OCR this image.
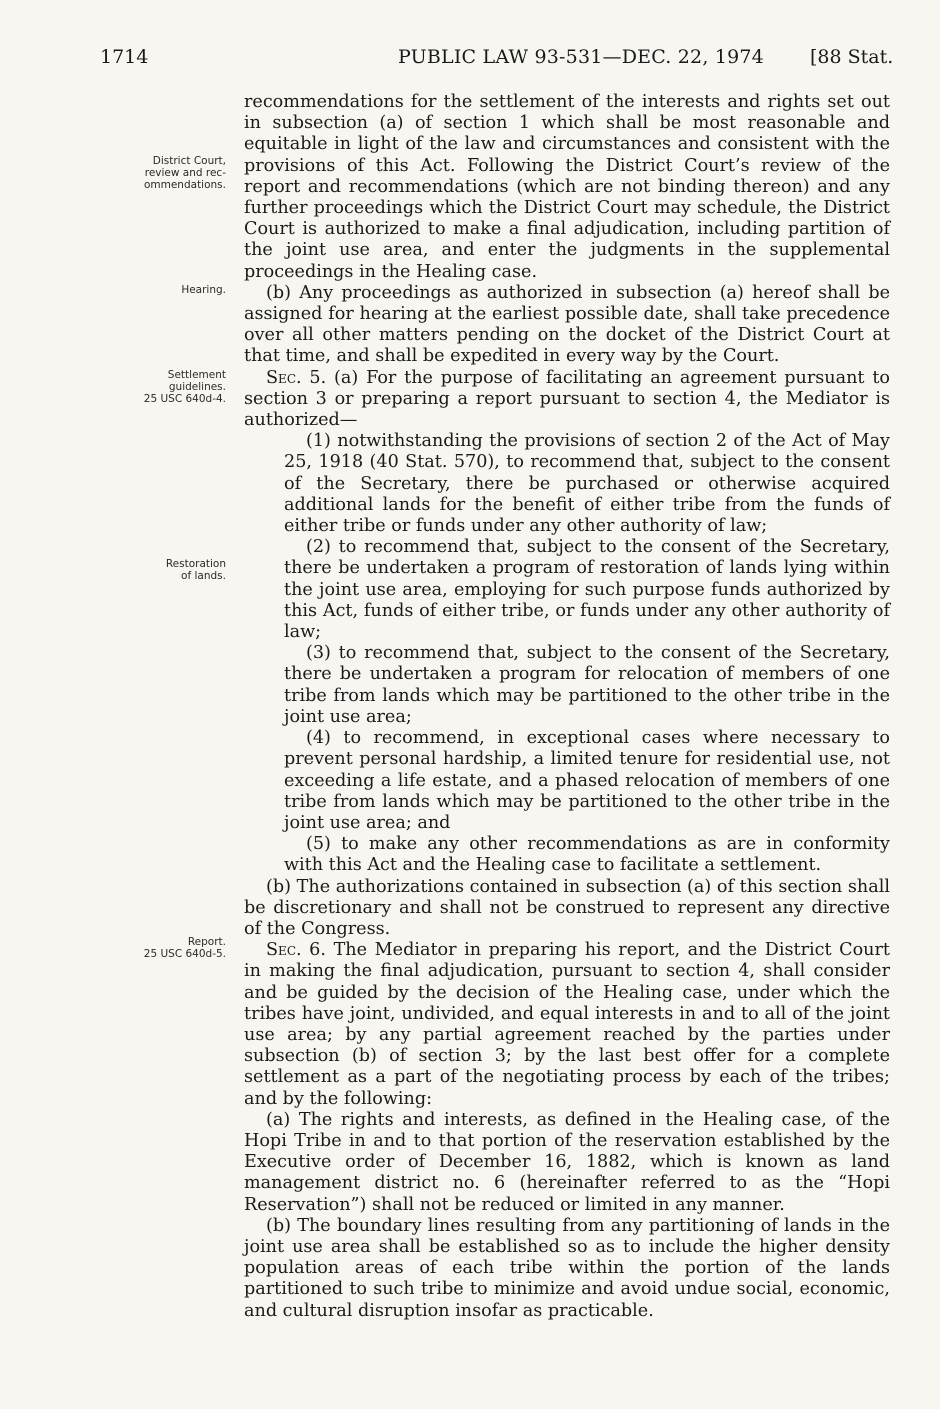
1714	PUBLIC LAW 93-531—DEC. 22, 1974 [88 Stat.
District Court,
review and rec-
ommendations.
Hearing.
Settlement
guidelines.
25 USC 640d-4.
Restoration
of lands.
Report.
25 USC 640d-5.

recommendations for the settlement of the interests and rights set out in subsection (a) of section 1 which shall be most reasonable and equitable in light of the law and circumstances and consistent with the provisions of this Act. Following the District Court’s review of the report and recommendations (which are not binding thereon) and any further proceedings which the District Court may schedule, the District Court is authorized to make a final adjudication, including partition of the joint use area, and enter the judgments in the supplemental proceedings in the Healing case.

(b) Any proceedings as authorized in subsection (a) hereof shall be assigned for hearing at the earliest possible date, shall take precedence over all other matters pending on the docket of the District Court at that time, and shall be expedited in every way by the Court.

Sec. 5. (a) For the purpose of facilitating an agreement pursuant to section 3 or preparing a report pursuant to section 4, the Mediator is authorized—

(1) notwithstanding the provisions of section 2 of the Act of May 25, 1918 (40 Stat. 570), to recommend that, subject to the consent of the Secretary, there be purchased or otherwise acquired additional lands for the benefit of either tribe from the funds of either tribe or funds under any other authority of law;

(2) to recommend that, subject to the consent of the Secretary, there be undertaken a program of restoration of lands lying within the joint use area, employing for such purpose funds authorized by this Act, funds of either tribe, or funds under any other authority of law;

(3) to recommend that, subject to the consent of the Secretary, there be undertaken a program for relocation of members of one tribe from lands which may be partitioned to the other tribe in the joint use area;

(4) to recommend, in exceptional cases where necessary to prevent personal hardship, a limited tenure for residential use, not exceeding a life estate, and a phased relocation of members of one tribe from lands which may be partitioned to the other tribe in the joint use area; and

(5) to make any other recommendations as are in conformity with this Act and the Healing case to facilitate a settlement.

(b) The authorizations contained in subsection (a) of this section shall be discretionary and shall not be construed to represent any directive of the Congress.

Sec. 6. The Mediator in preparing his report, and the District Court in making the final adjudication, pursuant to section 4, shall consider and be guided by the decision of the Healing case, under which the tribes have joint, undivided, and equal interests in and to all of the joint use area; by any partial agreement reached by the parties under subsection (b) of section 3; by the last best offer for a complete settlement as a part of the negotiating process by each of the tribes; and by the following:

(a) The rights and interests, as defined in the Healing case, of the Hopi Tribe in and to that portion of the reservation established by the Executive order of December 16, 1882, which is known as land management district no. 6 (hereinafter referred to as the “Hopi Reservation”) shall not be reduced or limited in any manner.

(b) The boundary lines resulting from any partitioning of lands in the joint use area shall be established so as to include the higher density population areas of each tribe within the portion of the lands partitioned to such tribe to minimize and avoid undue social, economic, and cultural disruption insofar as practicable.
